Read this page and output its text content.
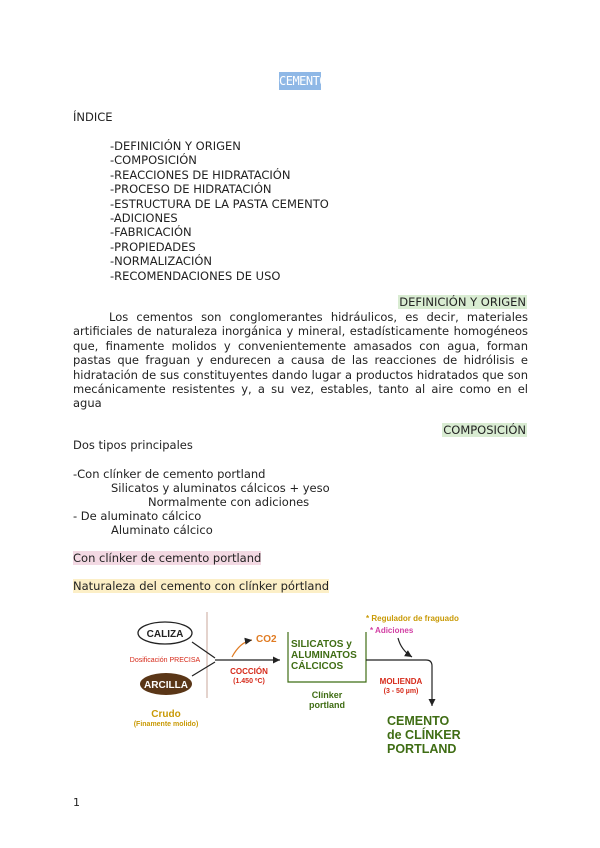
CEMENTO
ÍNDICE
-DEFINICIÓN Y ORIGEN
-COMPOSICIÓN
-REACCIONES DE HIDRATACIÓN
-PROCESO DE HIDRATACIÓN
-ESTRUCTURA DE LA PASTA CEMENTO
-ADICIONES
-FABRICACIÓN
-PROPIEDADES
-NORMALIZACIÓN
-RECOMENDACIONES DE USO
DEFINICIÓN Y ORIGEN
Los cementos son conglomerantes hidráulicos, es decir, materiales artificiales de naturaleza inorgánica y mineral, estadísticamente homogéneos que, finamente molidos y convenientemente amasados con agua, forman pastas que fraguan y endurecen a causa de las reacciones de hidrólisis e hidratación de sus constituyentes dando lugar a productos hidratados que son mecánicamente resistentes y, a su vez, estables, tanto al aire como en el agua
COMPOSICIÓN
Dos tipos principales
-Con clínker de cemento portland
Silicatos y aluminatos cálcicos + yeso
Normalmente con adiciones
- De aluminato cálcico
Aluminato cálcico
Con clínker de cemento portland
Naturaleza del cemento con clínker pórtland
CALIZA
Dosificación PRECISA
ARCILLA
Crudo
(Finamente molido)
CO2
COCCIÓN
(1.450 ºC)
SILICATOS y
ALUMINATOS
CÁLCICOS
Clínker
portland
* Regulador de fraguado
* Adiciones
MOLIENDA
(3 - 50 µm)
CEMENTO
de CLÍNKER
PORTLAND
1
